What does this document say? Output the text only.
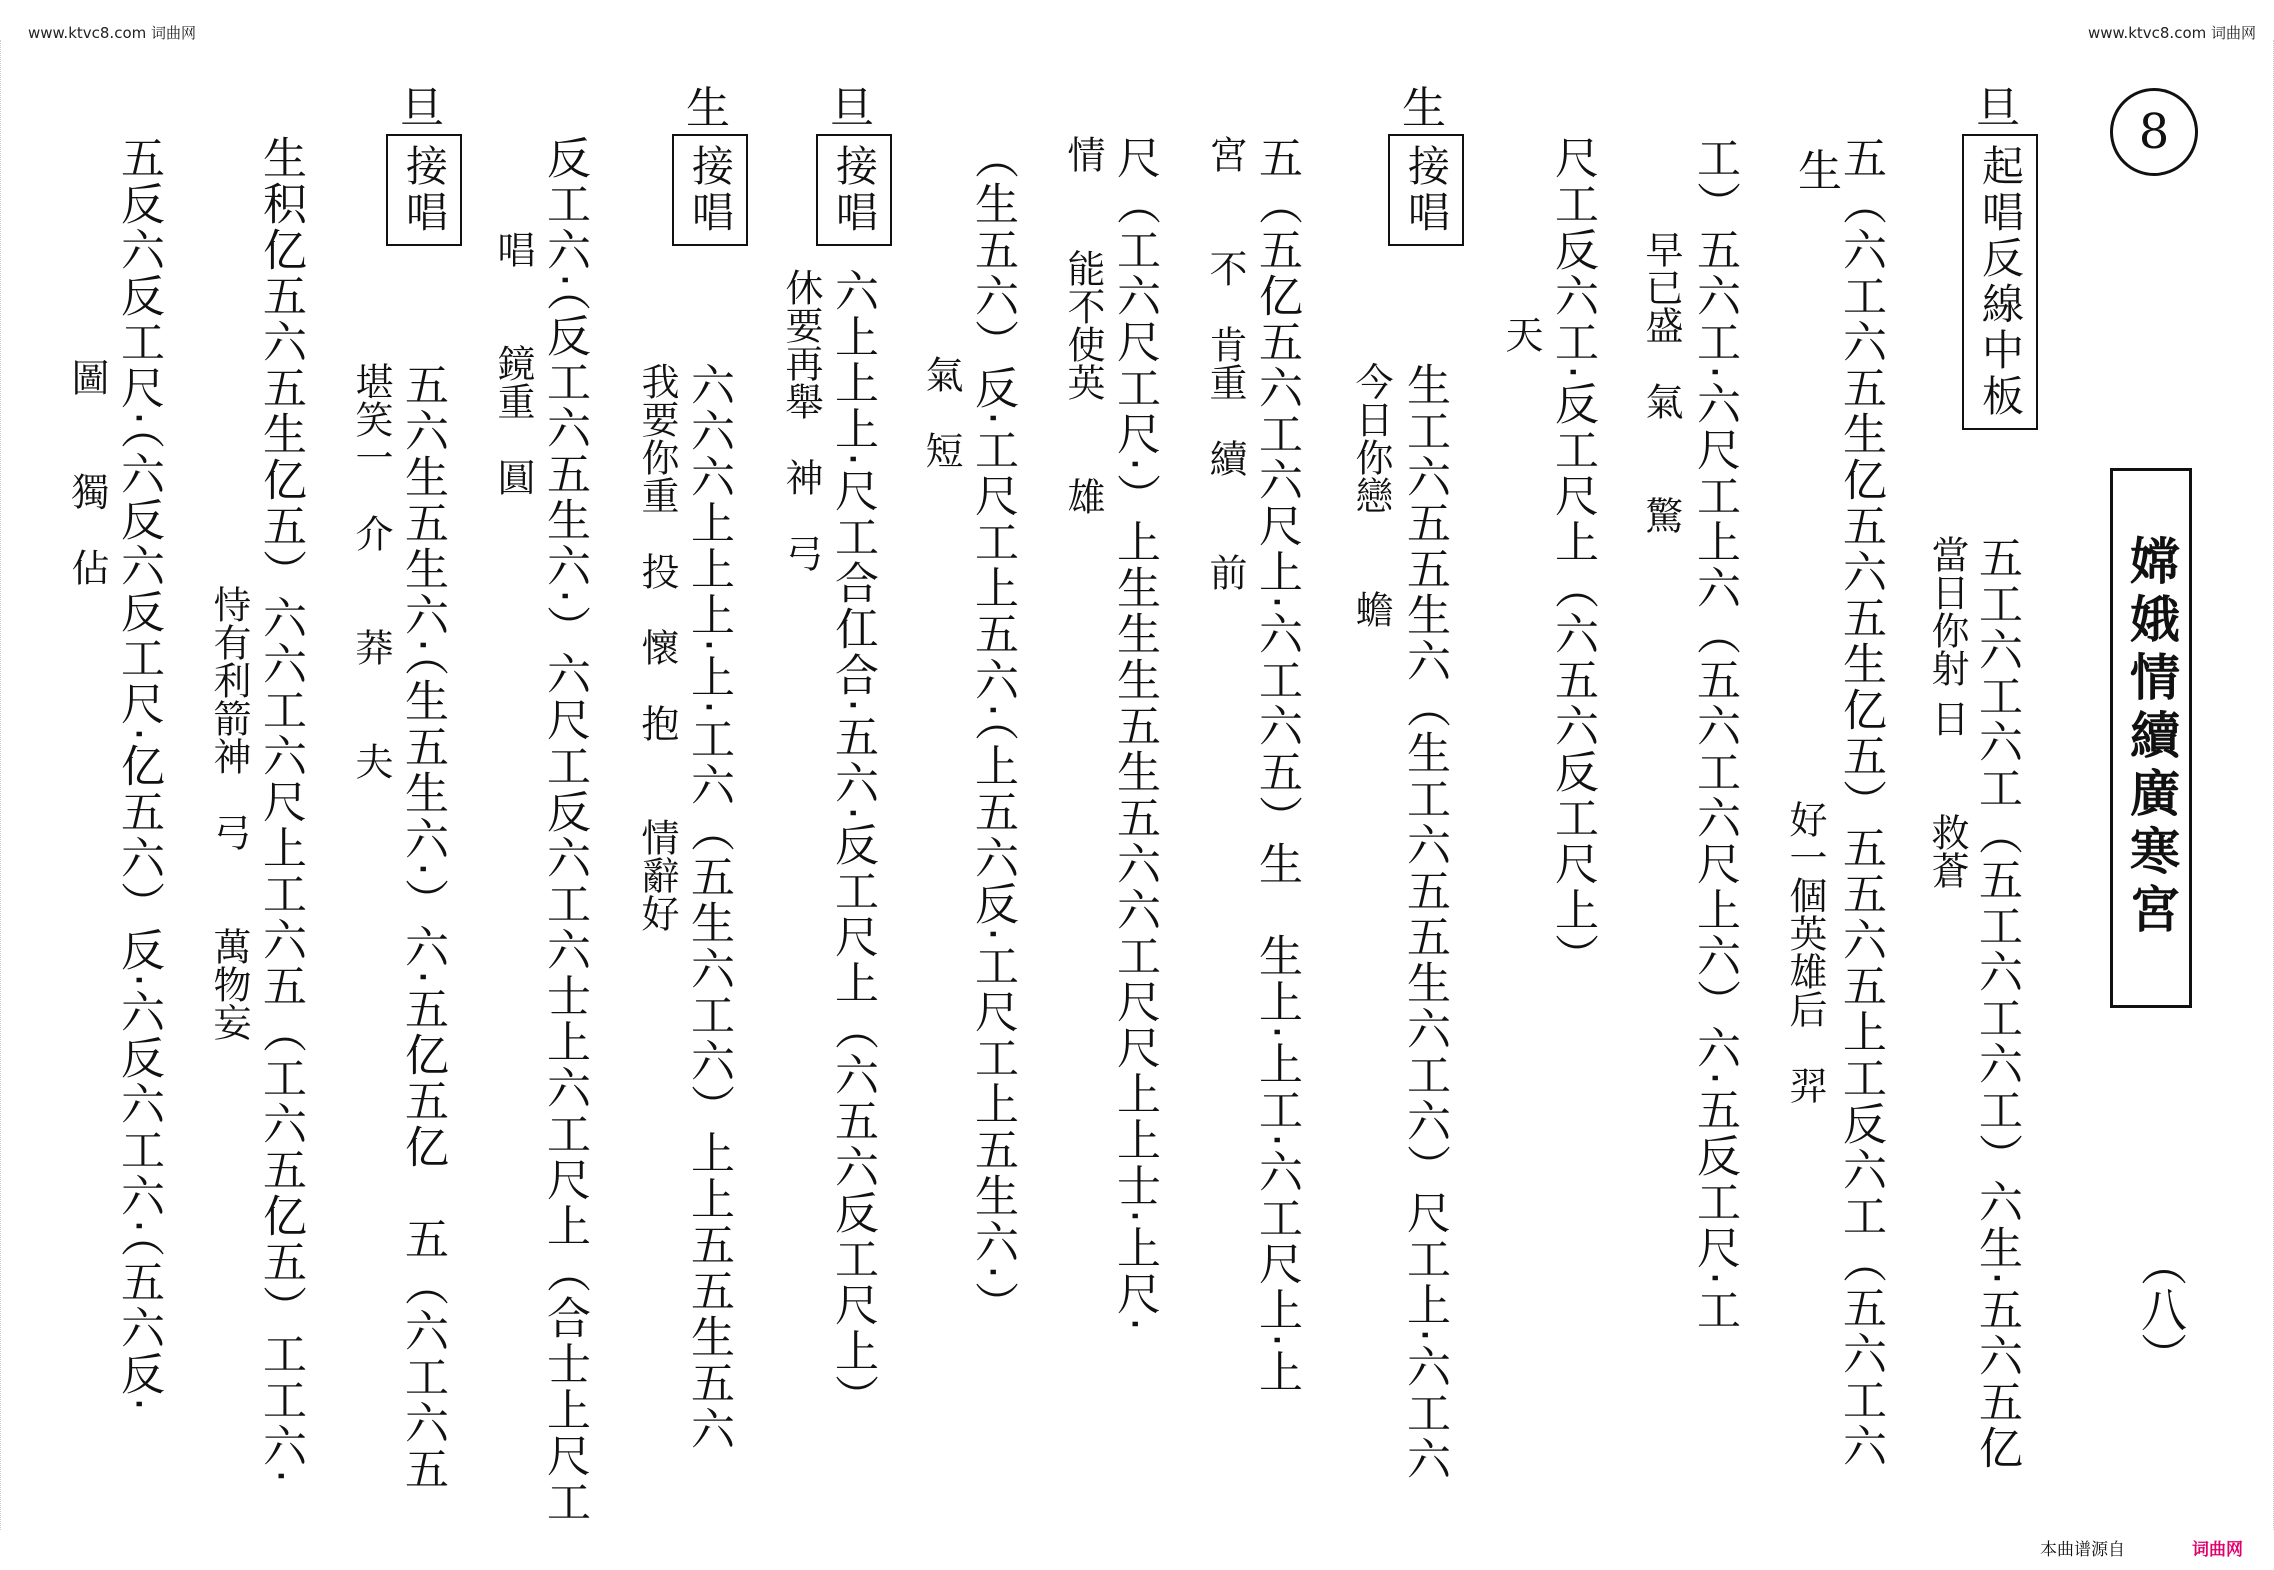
www.ktvc8.com 词曲网	www.ktvc8.com 词曲网
8
嫦娥情續廣寒宮
（八）
旦
起唱反線中板
五工六工六工（五工六工六工）六生·五六五亿
當日你射 日　　救蒼
生
五（六工六五生亿五六五生亿五）五五六五上工反六工（五六工六
好一個英雄后　羿
工）五六工·六尺工上六（五六工六尺上六）六·五反工尺·工
早已盛　氣　　驚
尺工反六工·反工尺上（六五六反工尺上）
天
生
接唱
生工六五五生六（生工六五五生六工六）尺工上·六工六
今日你戀　　蟾
五（五亿五六工六尺上·六工六五）生　生上·上工·六工尺上·上
宮　　不　肯重　續　　前
尺（工六尺工尺·）上生生生五生五六六工尺尺上上士·上尺·
情　　能不使英　　雄
（生五六）反·工尺工上五六·（上五六反·工尺工上五生六·）
氣　短
旦
接唱
六上上上·尺工合仜合·五六·反工尺上（六五六反工尺上）
休要再舉　神　弓
生
接唱
六六六上上上·上·工六（五生六工六）上上五五生五六
我要你重　投　懷　抱　　情辭好
反工六·（反工六五生六·）六尺工反六工六士上六工尺上（合士上尺工
唱　　鏡重　圓
旦
接唱
五六生五生六·（生五生六·）六·五亿五亿　五（六工六五
堪笑一　介　　莽　　夫
生积亿五六五生亿五）六六工六尺上工六五（工六五亿五）工工六·
恃有利箭神　弓　　萬物妄
五反六反工尺·（六反六反工尺·亿五六）反·六反六工六·（五六反·
圖　　獨　佔
本曲谱源自	词曲网
